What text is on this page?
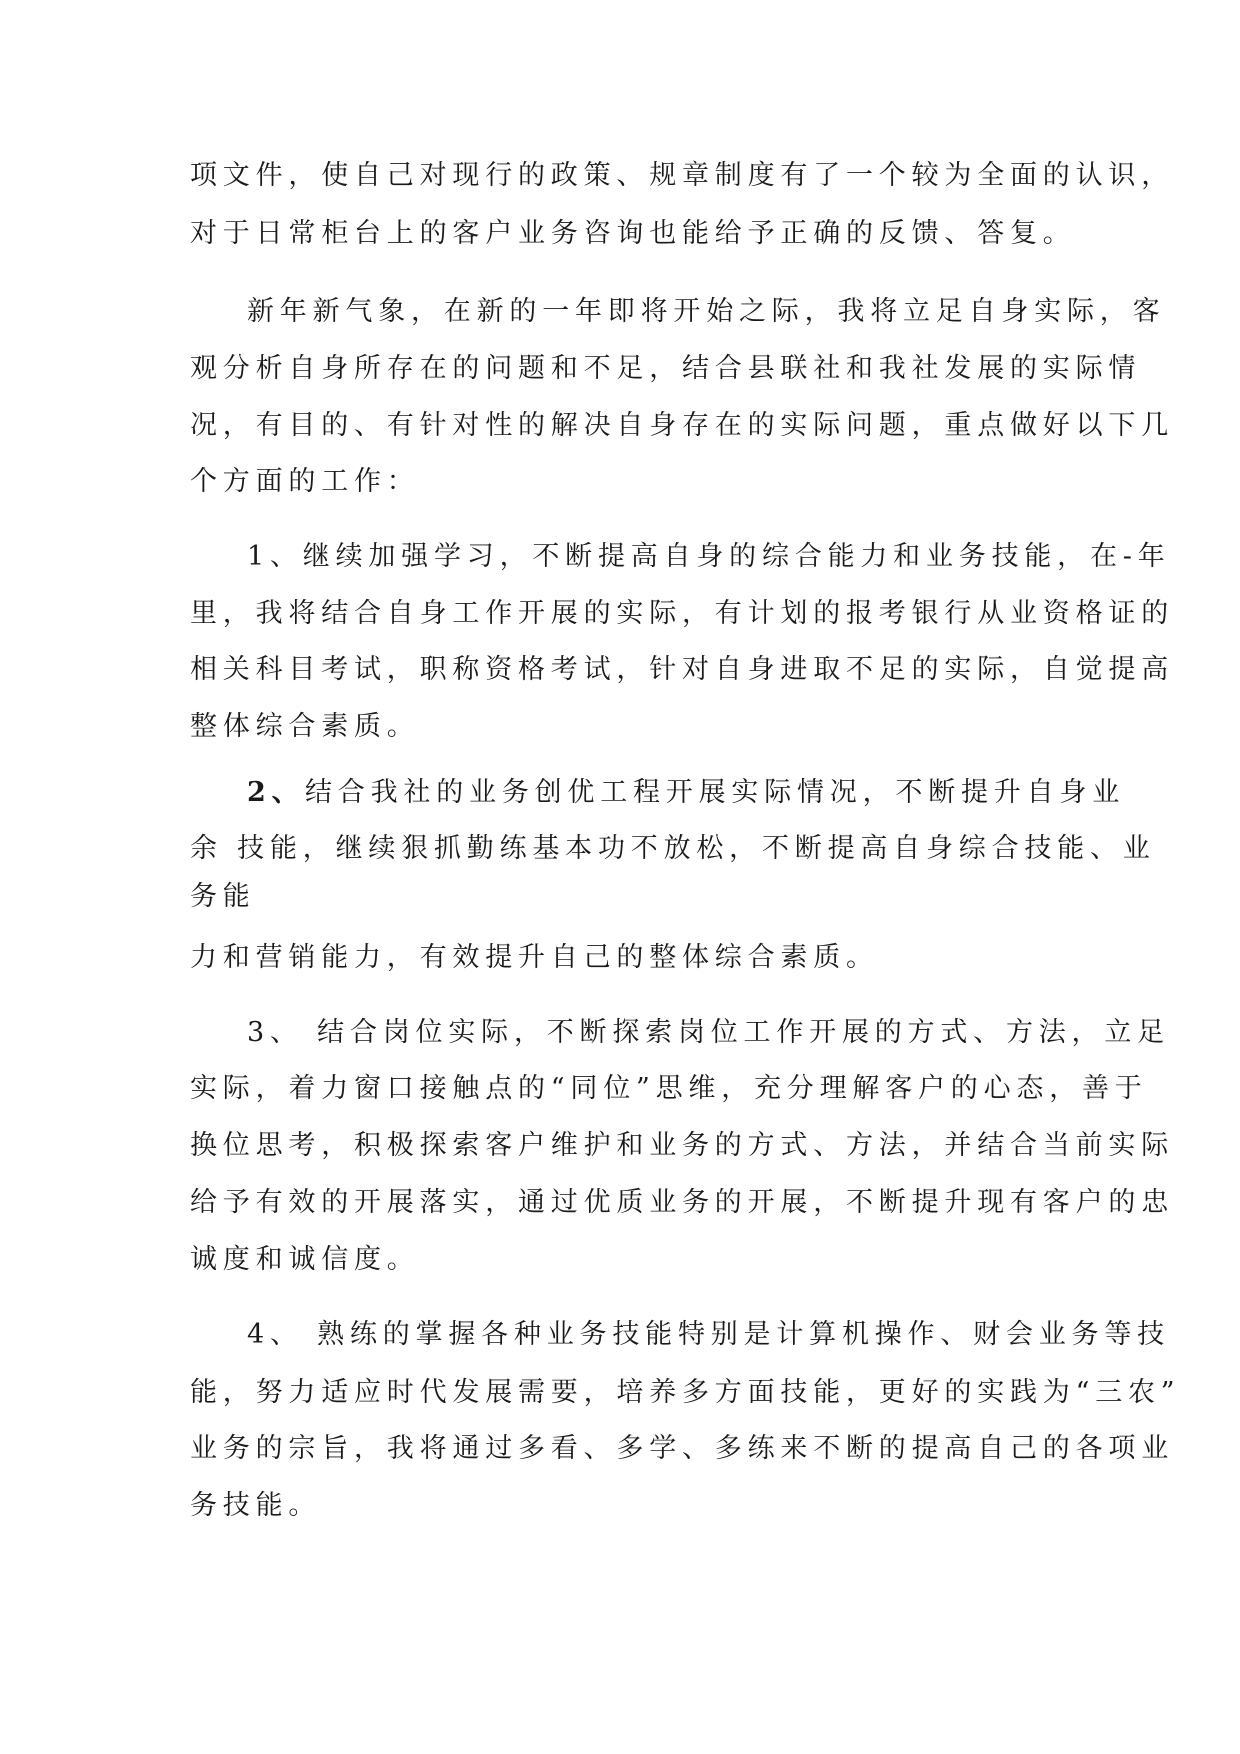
项文件，使自己对现行的政策、规章制度有了一个较为全面的认识，
对于日常柜台上的客户业务咨询也能给予正确的反馈、答复。
新年新气象，在新的一年即将开始之际，我将立足自身实际，客
观分析自身所存在的问题和不足，结合县联社和我社发展的实际情
况，有目的、有针对性的解决自身存在的实际问题，重点做好以下几
个方面的工作：
1、继续加强学习，不断提高自身的综合能力和业务技能，在-年
里，我将结合自身工作开展的实际，有计划的报考银行从业资格证的
相关科目考试，职称资格考试，针对自身进取不足的实际，自觉提高
整体综合素质。
2、 结合我社的业务创优工程开展实际情况，不断提升自身业
余 技能，继续狠抓勤练基本功不放松，不断提高自身综合技能、业
务能
力和营销能力，有效提升自己的整体综合素质。
3、 结合岗位实际，不断探索岗位工作开展的方式、方法，立足
实际，着力窗口接触点的“同位”思维，充分理解客户的心态，善于
换位思考，积极探索客户维护和业务的方式、方法，并结合当前实际
给予有效的开展落实，通过优质业务的开展，不断提升现有客户的忠
诚度和诚信度。
4、 熟练的掌握各种业务技能特别是计算机操作、财会业务等技
能，努力适应时代发展需要，培养多方面技能，更好的实践为“三农”
业务的宗旨，我将通过多看、多学、多练来不断的提高自己的各项业
务技能。
